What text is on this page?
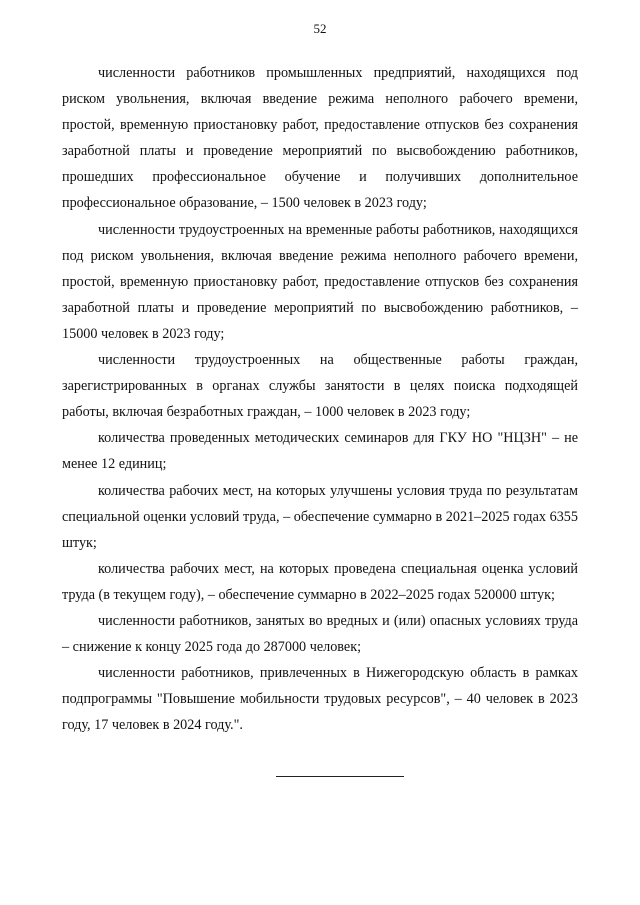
52

численности работников промышленных предприятий, находящихся под риском увольнения, включая введение режима неполного рабочего времени, простой, временную приостановку работ, предоставление отпусков без сохранения заработной платы и проведение мероприятий по высвобождению работников, прошедших профессиональное обучение и получивших дополнительное профессиональное образование, – 1500 человек в 2023 году;

численности трудоустроенных на временные работы работников, находящихся под риском увольнения, включая введение режима неполного рабочего времени, простой, временную приостановку работ, предоставление отпусков без сохранения заработной платы и проведение мероприятий по высвобождению работников, – 15000 человек в 2023 году;

численности трудоустроенных на общественные работы граждан, зарегистрированных в органах службы занятости в целях поиска подходящей работы, включая безработных граждан, – 1000 человек в 2023 году;

количества проведенных методических семинаров для ГКУ НО "НЦЗН" – не менее 12 единиц;

количества рабочих мест, на которых улучшены условия труда по результатам специальной оценки условий труда, – обеспечение суммарно в 2021–2025 годах 6355 штук;

количества рабочих мест, на которых проведена специальная оценка условий труда (в текущем году), – обеспечение суммарно в 2022–2025 годах 520000 штук;

численности работников, занятых во вредных и (или) опасных условиях труда – снижение к концу 2025 года до 287000 человек;

численности работников, привлеченных в Нижегородскую область в рамках подпрограммы "Повышение мобильности трудовых ресурсов", – 40 человек в 2023 году, 17 человек в 2024 году.".
